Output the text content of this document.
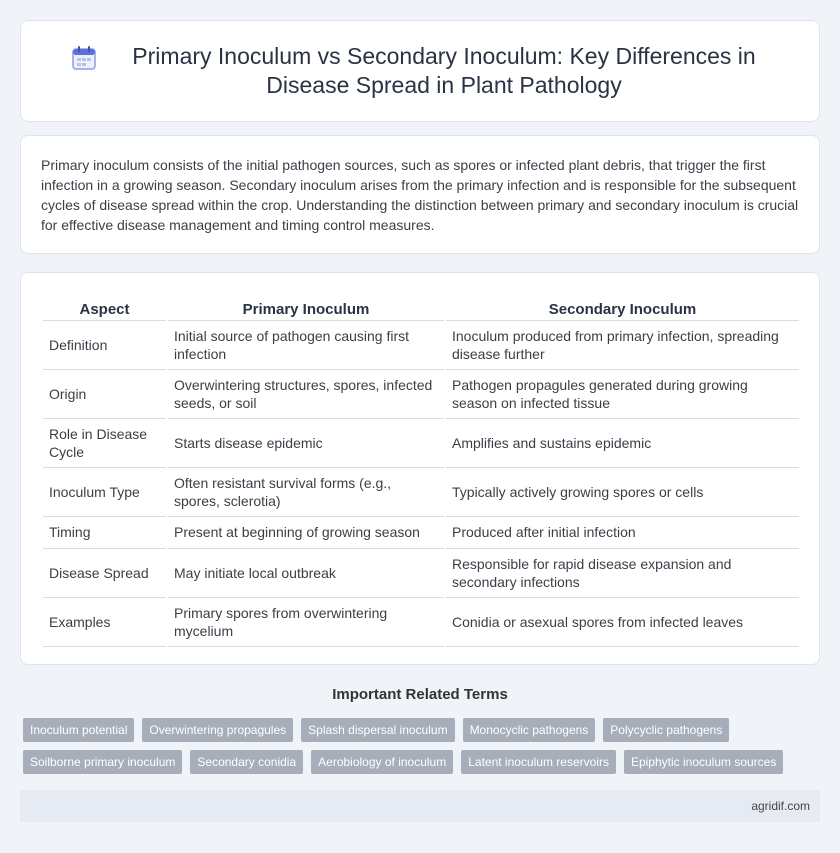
Primary Inoculum vs Secondary Inoculum: Key Differences in Disease Spread in Plant Pathology

Primary inoculum consists of the initial pathogen sources, such as spores or infected plant debris, that trigger the first infection in a growing season. Secondary inoculum arises from the primary infection and is responsible for the subsequent cycles of disease spread within the crop. Understanding the distinction between primary and secondary inoculum is crucial for effective disease management and timing control measures.

Aspect	Primary Inoculum	Secondary Inoculum
Definition	Initial source of pathogen causing first infection	Inoculum produced from primary infection, spreading disease further
Origin	Overwintering structures, spores, infected seeds, or soil	Pathogen propagules generated during growing season on infected tissue
Role in Disease Cycle	Starts disease epidemic	Amplifies and sustains epidemic
Inoculum Type	Often resistant survival forms (e.g., spores, sclerotia)	Typically actively growing spores or cells
Timing	Present at beginning of growing season	Produced after initial infection
Disease Spread	May initiate local outbreak	Responsible for rapid disease expansion and secondary infections
Examples	Primary spores from overwintering mycelium	Conidia or asexual spores from infected leaves
Important Related Terms
Inoculum potential	Overwintering propagules	Splash dispersal inoculum	Monocyclic pathogens	Polycyclic pathogens
Soilborne primary inoculum	Secondary conidia	Aerobiology of inoculum	Latent inoculum reservoirs	Epiphytic inoculum sources
agridif.com
